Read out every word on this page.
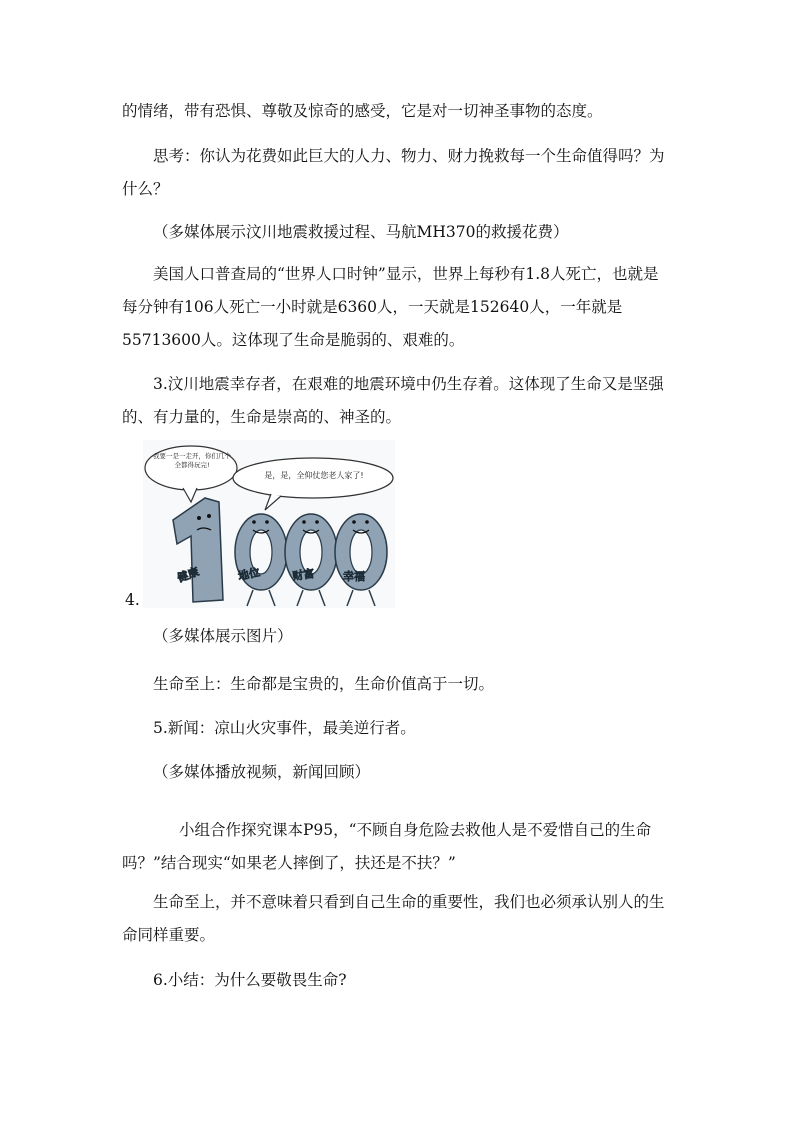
的情绪，带有恐惧、尊敬及惊奇的感受，它是对一切神圣事物的态度。

思考：你认为花费如此巨大的人力、物力、财力挽救每一个生命值得吗？为什么？

（多媒体展示汶川地震救援过程、马航MH370的救援花费）

美国人口普查局的“世界人口时钟”显示，世界上每秒有1.8人死亡，也就是每分钟有106人死亡一小时就是6360人，一天就是152640人，一年就是55713600人。这体现了生命是脆弱的、艰难的。

3.汶川地震幸存者，在艰难的地震环境中仍生存着。这体现了生命又是坚强的、有力量的，生命是崇高的、神圣的。

我要一是一走开，你们几个全都得玩完!
是，是，全仰仗您老人家了!
健康	地位	财富	幸福
4.

（多媒体展示图片）

生命至上：生命都是宝贵的，生命价值高于一切。

5.新闻：凉山火灾事件，最美逆行者。

（多媒体播放视频，新闻回顾）

小组合作探究课本P95，“不顾自身危险去救他人是不爱惜自己的生命吗？”结合现实“如果老人摔倒了，扶还是不扶？”

生命至上，并不意味着只看到自己生命的重要性，我们也必须承认别人的生命同样重要。

6.小结：为什么要敬畏生命?
